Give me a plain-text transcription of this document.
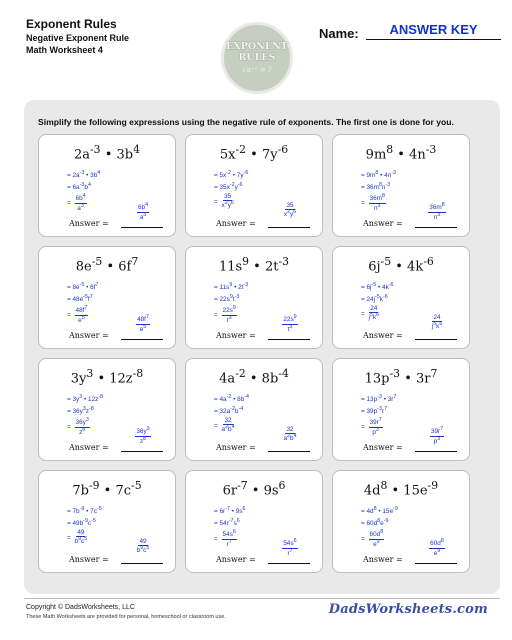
Exponent Rules
Negative Exponent Rule
Math Worksheet 4	EXPONENT
RULES
√a⁺ⁿ = ?
Name:	ANSWER KEY
Simplify the following expressions using the negative rule of exponents. The first one is done for you.
$2a^{-3}$ • $3b^4$
= $2a^{-3}$ • $3b^4$
= $6a^{-3}b^4$
= $\frac{6b^4}{a^3}$
Answer =
$\frac{6b^4}{a^3}$
$5x^{-2}$ • $7y^{-6}$
= $5x^{-2}$ • $7y^{-6}$
= $35x^{-2}y^{-6}$
= $\frac{35}{x^2y^6}$
Answer =
$\frac{35}{x^2y^6}$
$9m^8$ • $4n^{-3}$
= $9m^8$ • $4n^{-3}$
= $36m^8n^{-3}$
= $\frac{36m^8}{n^3}$
Answer =
$\frac{36m^8}{n^3}$
$8e^{-5}$ • $6f^7$
= $8e^{-5}$ • $6f^7$
= $48e^{-5}f^7$
= $\frac{48f^7}{e^5}$
Answer =
$\frac{48f^7}{e^5}$
$11s^9$ • $2t^{-3}$
= $11s^9$ • $2t^{-3}$
= $22s^9t^{-3}$
= $\frac{22s^9}{t^3}$
Answer =
$\frac{22s^9}{t^3}$
$6j^{-5}$ • $4k^{-6}$
= $6j^{-5}$ • $4k^{-6}$
= $24j^{-5}k^{-6}$
= $\frac{24}{j^5k^6}$
Answer =
$\frac{24}{j^5k^6}$
$3y^3$ • $12z^{-8}$
= $3y^3$ • $12z^{-8}$
= $36y^3z^{-8}$
= $\frac{36y^3}{z^8}$
Answer =
$\frac{36y^3}{z^8}$
$4a^{-2}$ • $8b^{-4}$
= $4a^{-2}$ • $8b^{-4}$
= $32a^{-2}b^{-4}$
= $\frac{32}{a^2b^4}$
Answer =
$\frac{32}{a^2b^4}$
$13p^{-3}$ • $3r^7$
= $13p^{-3}$ • $3r^7$
= $39p^{-3}r^7$
= $\frac{39r^7}{p^3}$
Answer =
$\frac{39r^7}{p^3}$
$7b^{-9}$ • $7c^{-5}$
= $7b^{-9}$ • $7c^{-5}$
= $49b^{-9}c^{-5}$
= $\frac{49}{b^9c^5}$
Answer =
$\frac{49}{b^9c^5}$
$6r^{-7}$ • $9s^6$
= $6r^{-7}$ • $9s^6$
= $54r^{-7}s^6$
= $\frac{54s^6}{r^7}$
Answer =
$\frac{54s^6}{r^7}$
$4d^8$ • $15e^{-9}$
= $4d^8$ • $15e^{-9}$
= $60d^8e^{-9}$
= $\frac{60d^8}{e^9}$
Answer =
$\frac{60d^8}{e^9}$
Copyright © DadsWorksheets, LLC
These Math Worksheets are provided for personal, homeschool or classroom use.	DadsWorksheets.com
